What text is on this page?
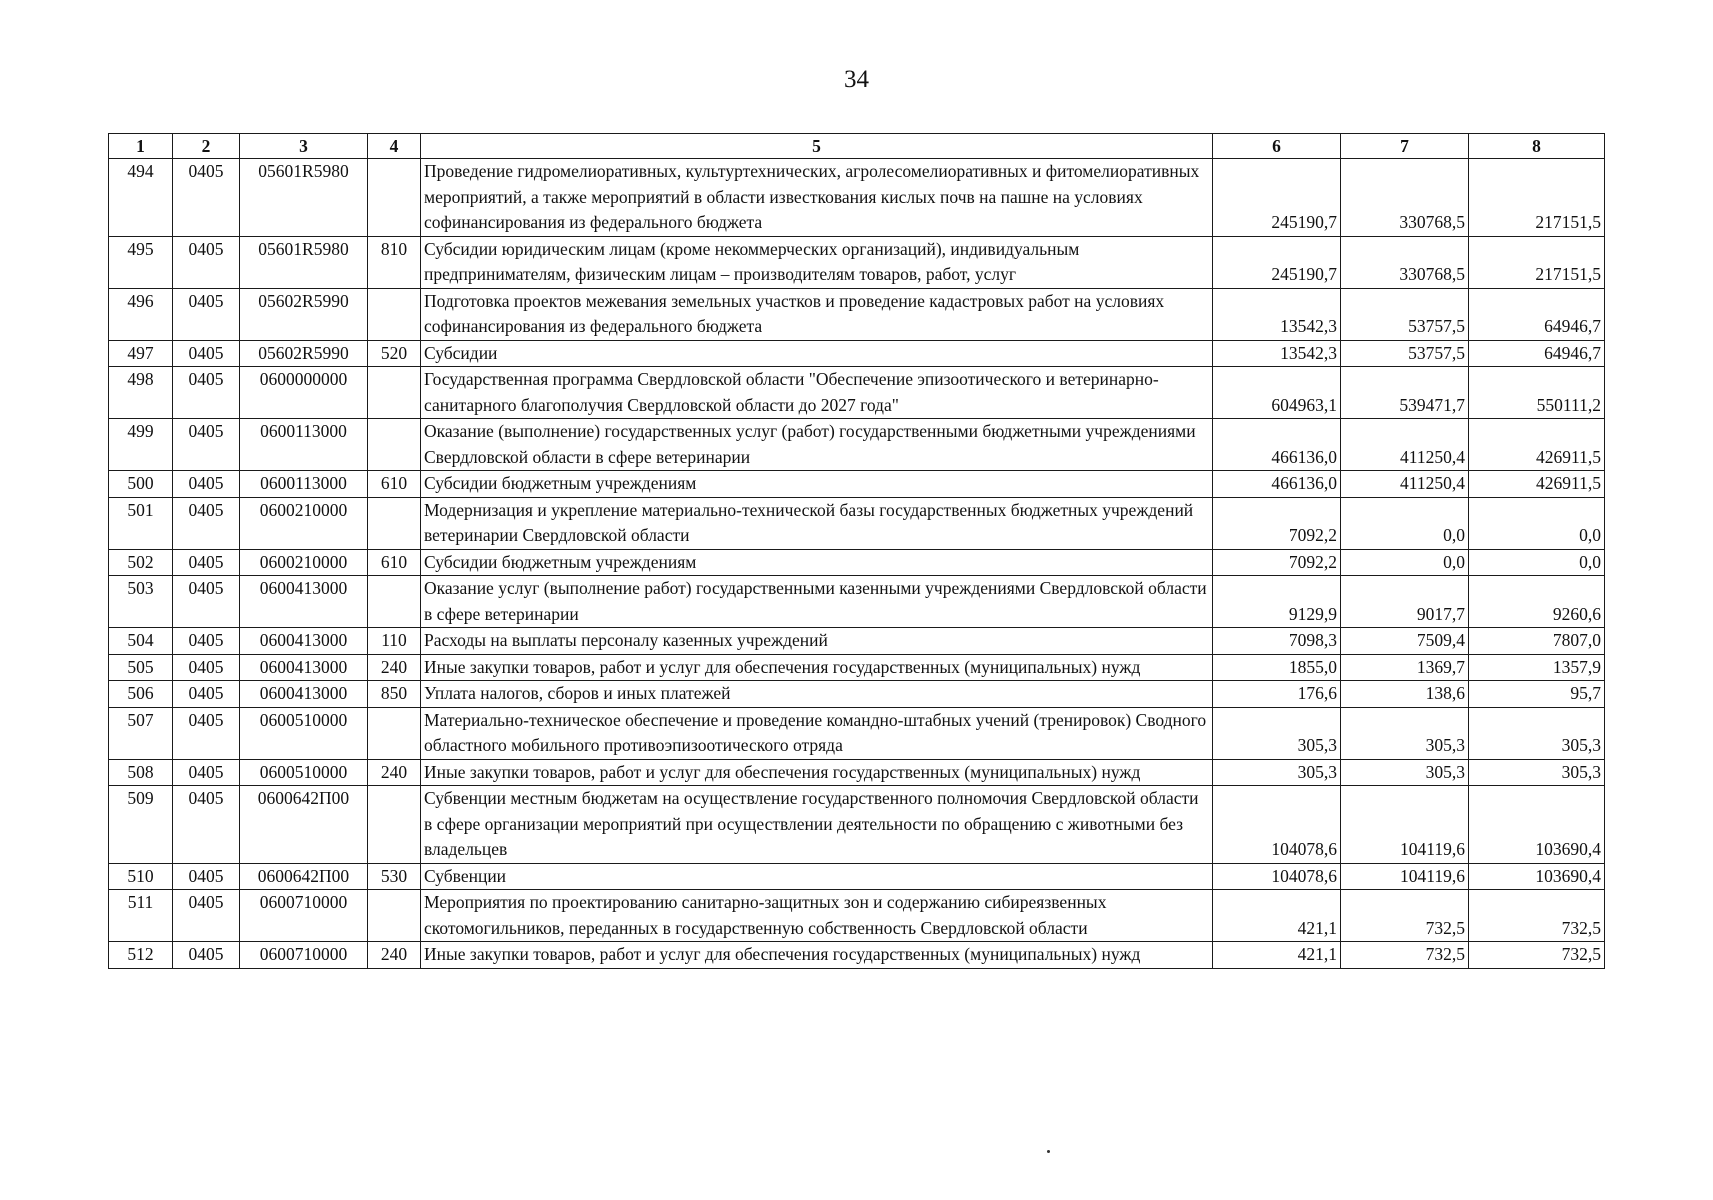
34
1	2	3	4	5	6	7	8
494	0405	05601R5980		Проведение гидромелиоративных, культуртехнических, агролесомелиоративных и фитомелиоративных мероприятий, а также мероприятий в области известкования кислых почв на пашне на условиях софинансирования из федерального бюджета	245190,7	330768,5	217151,5
495	0405	05601R5980	810	Субсидии юридическим лицам (кроме некоммерческих организаций), индивидуальным предпринимателям, физическим лицам – производителям товаров, работ, услуг	245190,7	330768,5	217151,5
496	0405	05602R5990		Подготовка проектов межевания земельных участков и проведение кадастровых работ на условиях софинансирования из федерального бюджета	13542,3	53757,5	64946,7
497	0405	05602R5990	520	Субсидии	13542,3	53757,5	64946,7
498	0405	0600000000		Государственная программа Свердловской области "Обеспечение эпизоотического и ветеринарно-санитарного благополучия Свердловской области до 2027 года"	604963,1	539471,7	550111,2
499	0405	0600113000		Оказание (выполнение) государственных услуг (работ) государственными бюджетными учреждениями Свердловской области в сфере ветеринарии	466136,0	411250,4	426911,5
500	0405	0600113000	610	Субсидии бюджетным учреждениям	466136,0	411250,4	426911,5
501	0405	0600210000		Модернизация и укрепление материально-технической базы государственных бюджетных учреждений ветеринарии Свердловской области	7092,2	0,0	0,0
502	0405	0600210000	610	Субсидии бюджетным учреждениям	7092,2	0,0	0,0
503	0405	0600413000		Оказание услуг (выполнение работ) государственными казенными учреждениями Свердловской области в сфере ветеринарии	9129,9	9017,7	9260,6
504	0405	0600413000	110	Расходы на выплаты персоналу казенных учреждений	7098,3	7509,4	7807,0
505	0405	0600413000	240	Иные закупки товаров, работ и услуг для обеспечения государственных (муниципальных) нужд	1855,0	1369,7	1357,9
506	0405	0600413000	850	Уплата налогов, сборов и иных платежей	176,6	138,6	95,7
507	0405	0600510000		Материально-техническое обеспечение и проведение командно-штабных учений (тренировок) Сводного областного мобильного противоэпизоотического отряда	305,3	305,3	305,3
508	0405	0600510000	240	Иные закупки товаров, работ и услуг для обеспечения государственных (муниципальных) нужд	305,3	305,3	305,3
509	0405	0600642П00		Субвенции местным бюджетам на осуществление государственного полномочия Свердловской области в сфере организации мероприятий при осуществлении деятельности по обращению с животными без владельцев	104078,6	104119,6	103690,4
510	0405	0600642П00	530	Субвенции	104078,6	104119,6	103690,4
511	0405	0600710000		Мероприятия по проектированию санитарно-защитных зон и содержанию сибиреязвенных скотомогильников, переданных в государственную собственность Свердловской области	421,1	732,5	732,5
512	0405	0600710000	240	Иные закупки товаров, работ и услуг для обеспечения государственных (муниципальных) нужд	421,1	732,5	732,5
